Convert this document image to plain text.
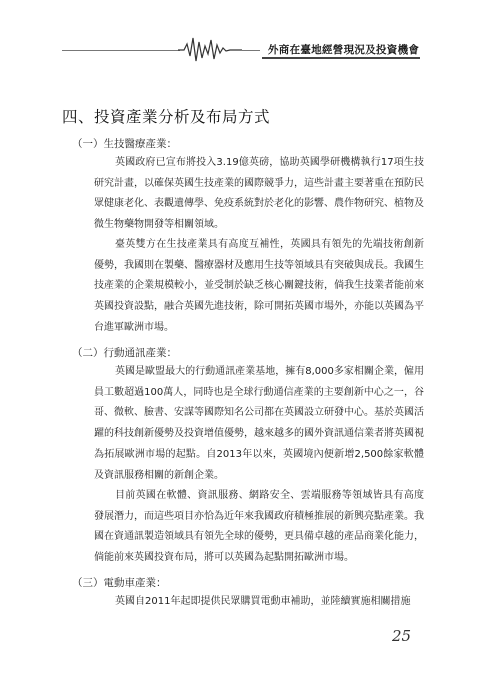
外商在臺地經營現況及投資機會
四、投資產業分析及布局方式
（一）生技醫療產業：

英國政府已宣布將投入3.19億英磅，協助英國學研機構執行17項生技研究計畫，以確保英國生技產業的國際競爭力，這些計畫主要著重在預防民眾健康老化、表觀遺傳學、免疫系統對於老化的影響、農作物研究、植物及微生物藥物開發等相關領域。

臺英雙方在生技產業具有高度互補性，英國具有領先的先端技術創新優勢，我國則在製藥、醫療器材及應用生技等領域具有突破與成長。我國生技產業的企業規模較小，並受制於缺乏核心關鍵技術，倘我生技業者能前來英國投資設點，融合英國先進技術，除可開拓英國市場外，亦能以英國為平台進軍歐洲市場。

（二）行動通訊產業：

英國是歐盟最大的行動通訊產業基地，擁有8,000多家相關企業，僱用員工數超過100萬人，同時也是全球行動通信產業的主要創新中心之一，谷哥、微軟、臉書、安謀等國際知名公司都在英國設立研發中心。基於英國活躍的科技創新優勢及投資增值優勢，越來越多的國外資訊通信業者將英國視為拓展歐洲市場的起點。自2013年以來，英國境內便新增2,500餘家軟體及資訊服務相關的新創企業。

目前英國在軟體、資訊服務、網路安全、雲端服務等領域皆具有高度發展潛力，而這些項目亦恰為近年來我國政府積極推展的新興亮點產業。我國在資通訊製造領域具有領先全球的優勢，更具備卓越的產品商業化能力，倘能前來英國投資布局，將可以英國為起點開拓歐洲市場。

（三）電動車產業：

英國自2011年起即提供民眾購買電動車補助，並陸續實施相關措施

25
